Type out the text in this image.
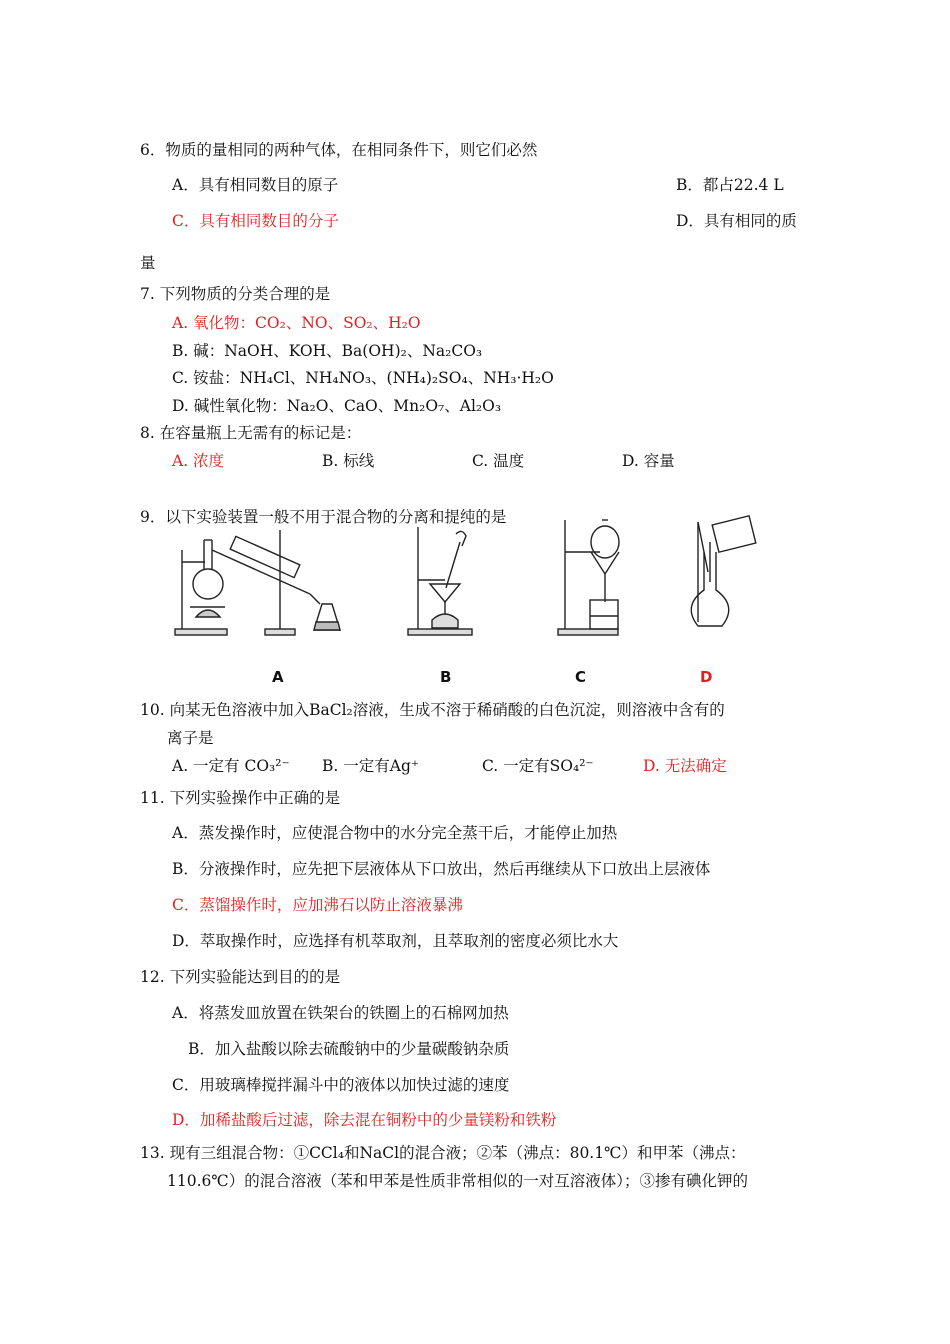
6．物质的量相同的两种气体，在相同条件下，则它们必然
A．具有相同数目的原子	B．都占22.4 L
C．具有相同数目的分子	D．具有相同的质
量
7. 下列物质的分类合理的是
A. 氧化物：CO₂、NO、SO₂、H₂O
B. 碱：NaOH、KOH、Ba(OH)₂、Na₂CO₃
C. 铵盐：NH₄Cl、NH₄NO₃、(NH₄)₂SO₄、NH₃·H₂O
D. 碱性氧化物：Na₂O、CaO、Mn₂O₇、Al₂O₃
8. 在容量瓶上无需有的标记是：
A. 浓度	B. 标线	C. 温度	D. 容量
9．以下实验装置一般不用于混合物的分离和提纯的是
A	B	C	D
10. 向某无色溶液中加入BaCl₂溶液，生成不溶于稀硝酸的白色沉淀，则溶液中含有的
离子是
A. 一定有 CO₃²⁻ B. 一定有Ag⁺	C. 一定有SO₄²⁻	D. 无法确定
11. 下列实验操作中正确的是
A．蒸发操作时，应使混合物中的水分完全蒸干后，才能停止加热
B．分液操作时，应先把下层液体从下口放出，然后再继续从下口放出上层液体
C．蒸馏操作时，应加沸石以防止溶液暴沸
D．萃取操作时，应选择有机萃取剂，且萃取剂的密度必须比水大
12. 下列实验能达到目的的是
A．将蒸发皿放置在铁架台的铁圈上的石棉网加热
B．加入盐酸以除去硫酸钠中的少量碳酸钠杂质
C．用玻璃棒搅拌漏斗中的液体以加快过滤的速度
D．加稀盐酸后过滤，除去混在铜粉中的少量镁粉和铁粉
13. 现有三组混合物：①CCl₄和NaCl的混合液；②苯（沸点：80.1℃）和甲苯（沸点：
110.6℃）的混合溶液（苯和甲苯是性质非常相似的一对互溶液体）；③掺有碘化钾的
